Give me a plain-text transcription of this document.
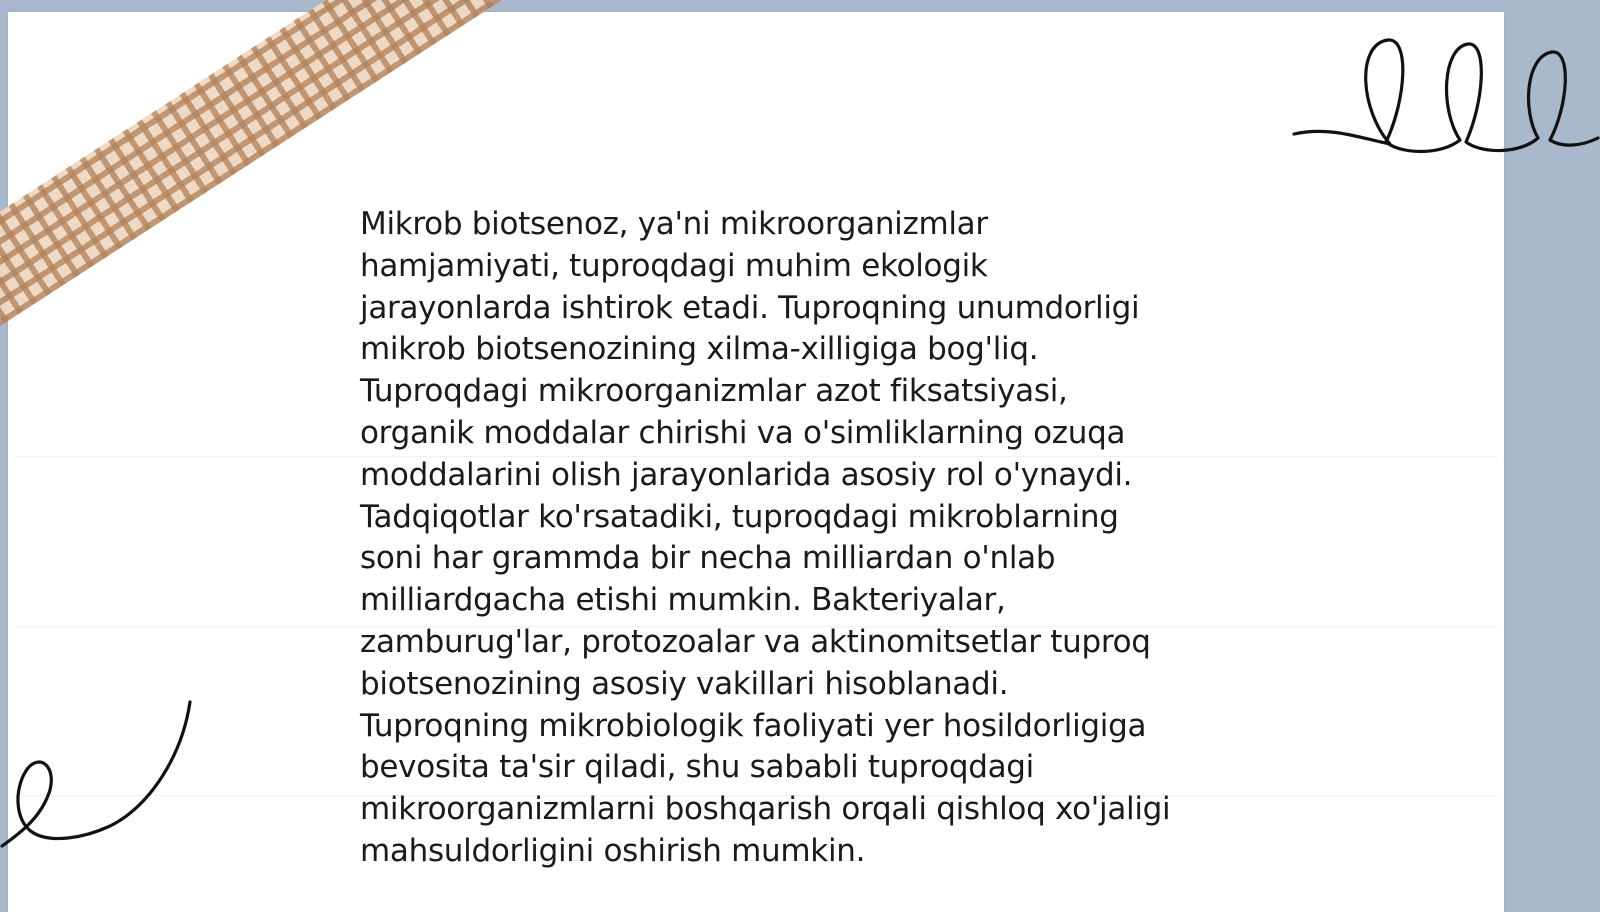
Mikrob biotsenoz, ya'ni mikroorganizmlar
hamjamiyati, tuproqdagi muhim ekologik
jarayonlarda ishtirok etadi. Tuproqning unumdorligi
mikrob biotsenozining xilma-xilligiga bog'liq.
Tuproqdagi mikroorganizmlar azot fiksatsiyasi,
organik moddalar chirishi va o'simliklarning ozuqa
moddalarini olish jarayonlarida asosiy rol o'ynaydi.
Tadqiqotlar ko'rsatadiki, tuproqdagi mikroblarning
soni har grammda bir necha milliardan o'nlab
milliardgacha etishi mumkin. Bakteriyalar,
zamburug'lar, protozoalar va aktinomitsetlar tuproq
biotsenozining asosiy vakillari hisoblanadi.
Tuproqning mikrobiologik faoliyati yer hosildorligiga
bevosita ta'sir qiladi, shu sababli tuproqdagi
mikroorganizmlarni boshqarish orqali qishloq xo'jaligi
mahsuldorligini oshirish mumkin.
